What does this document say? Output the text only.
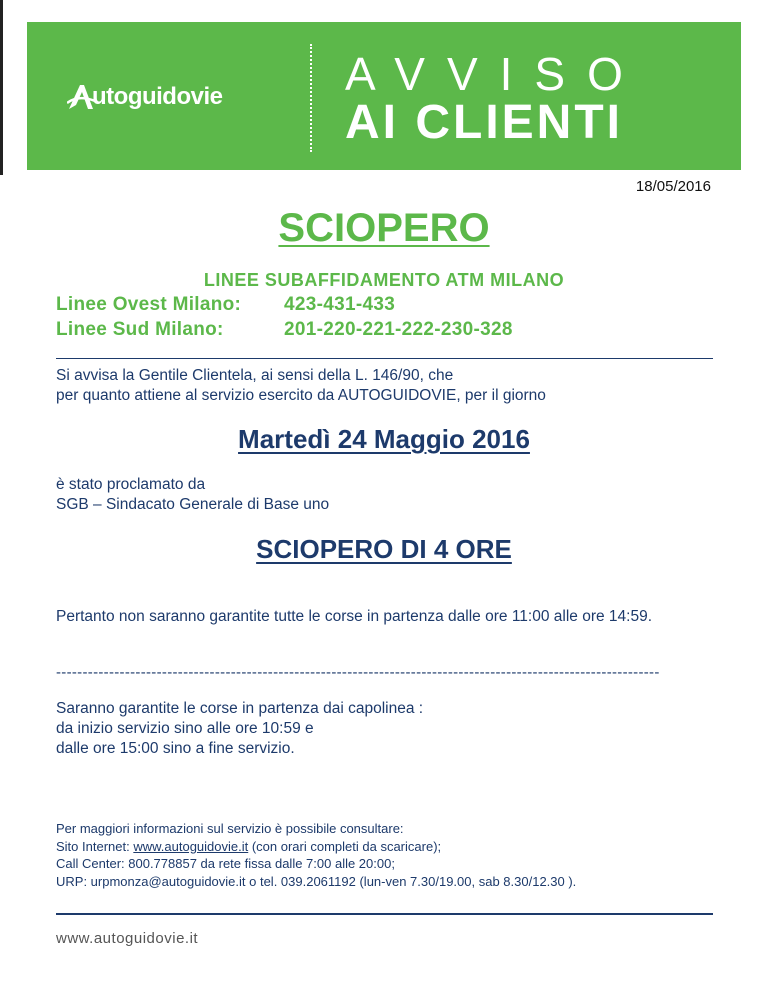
utoguidovie	AVVISO
AI CLIENTI
18/05/2016
SCIOPERO
LINEE SUBAFFIDAMENTO ATM MILANO
Linee Ovest Milano: 423-431-433
Linee Sud Milano:	201-220-221-222-230-328
Si avvisa la Gentile Clientela, ai sensi della L. 146/90, che
per quanto attiene al servizio esercito da AUTOGUIDOVIE, per il giorno
Martedì 24 Maggio 2016
è stato proclamato da
SGB – Sindacato Generale di Base uno
SCIOPERO DI 4 ORE
Pertanto non saranno garantite tutte le corse in partenza dalle ore 11:00 alle ore 14:59.
------------------------------------------------------------------------------------------------------------------
Saranno garantite le corse in partenza dai capolinea :
da inizio servizio sino alle ore 10:59 e
dalle ore 15:00 sino a fine servizio.
Per maggiori informazioni sul servizio è possibile consultare:
Sito Internet: www.autoguidovie.it (con orari completi da scaricare);
Call Center: 800.778857 da rete fissa dalle 7:00 alle 20:00;
URP: urpmonza@autoguidovie.it o tel. 039.2061192 (lun-ven 7.30/19.00, sab 8.30/12.30 ).
www.autoguidovie.it
